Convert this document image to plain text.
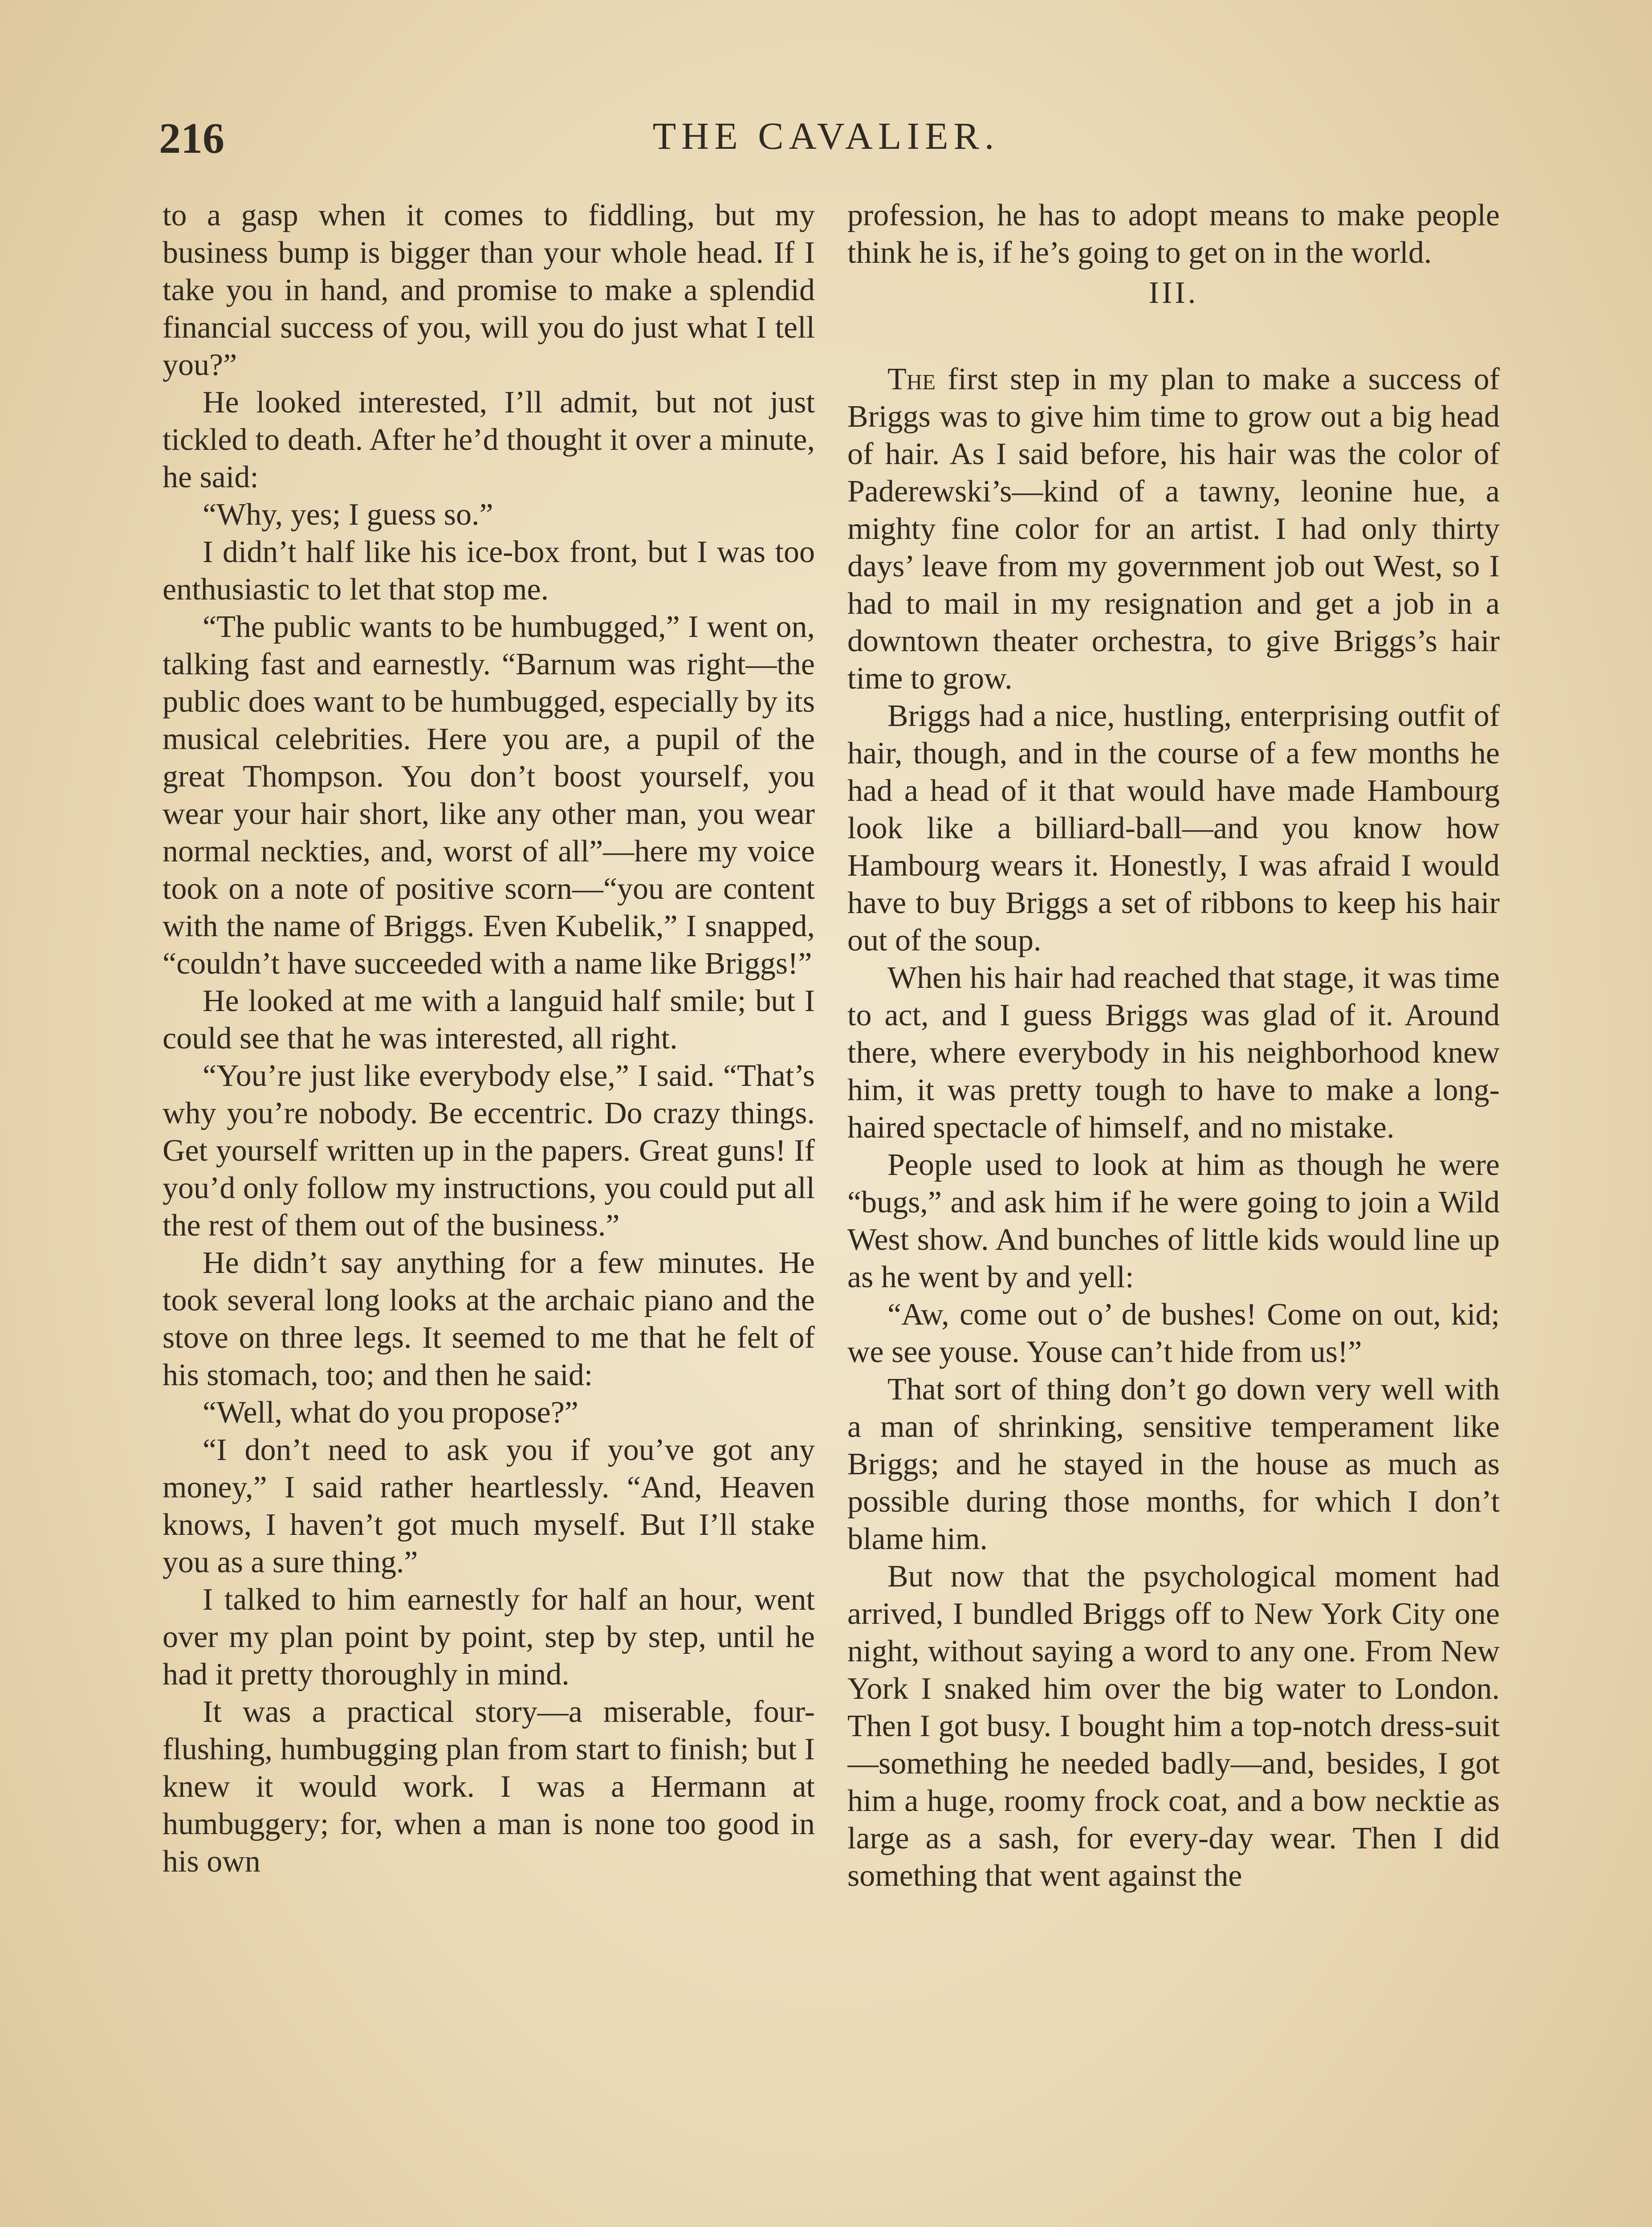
216	THE CAVALIER.

to a gasp when it comes to fiddling, but my business bump is bigger than your whole head. If I take you in hand, and promise to make a splendid financial success of you, will you do just what I tell you?”

He looked interested, I’ll admit, but not just tickled to death. After he’d thought it over a minute, he said:

“Why, yes; I guess so.”

I didn’t half like his ice-box front, but I was too enthusiastic to let that stop me.

“The public wants to be humbugged,” I went on, talking fast and earnestly. “Barnum was right—the public does want to be humbugged, especially by its musical celebrities. Here you are, a pupil of the great Thompson. You don’t boost yourself, you wear your hair short, like any other man, you wear normal neckties, and, worst of all”—here my voice took on a note of positive scorn—“you are content with the name of Briggs. Even Kubelik,” I snapped, “couldn’t have succeeded with a name like Briggs!”

He looked at me with a languid half smile; but I could see that he was interested, all right.

“You’re just like everybody else,” I said. “That’s why you’re nobody. Be eccentric. Do crazy things. Get yourself written up in the papers. Great guns! If you’d only follow my instructions, you could put all the rest of them out of the business.”

He didn’t say anything for a few minutes. He took several long looks at the archaic piano and the stove on three legs. It seemed to me that he felt of his stomach, too; and then he said:

“Well, what do you propose?”

“I don’t need to ask you if you’ve got any money,” I said rather heartlessly. “And, Heaven knows, I haven’t got much myself. But I’ll stake you as a sure thing.”

I talked to him earnestly for half an hour, went over my plan point by point, step by step, until he had it pretty thoroughly in mind.

It was a practical story—a miserable, four-flushing, humbugging plan from start to finish; but I knew it would work. I was a Hermann at humbuggery; for, when a man is none too good in his own

profession, he has to adopt means to make people think he is, if he’s going to get on in the world.

III.

The first step in my plan to make a success of Briggs was to give him time to grow out a big head of hair. As I said before, his hair was the color of Paderewski’s—kind of a tawny, leonine hue, a mighty fine color for an artist. I had only thirty days’ leave from my government job out West, so I had to mail in my resignation and get a job in a downtown theater orchestra, to give Briggs’s hair time to grow.

Briggs had a nice, hustling, enterprising outfit of hair, though, and in the course of a few months he had a head of it that would have made Hambourg look like a billiard-ball—and you know how Hambourg wears it. Honestly, I was afraid I would have to buy Briggs a set of ribbons to keep his hair out of the soup.

When his hair had reached that stage, it was time to act, and I guess Briggs was glad of it. Around there, where everybody in his neighborhood knew him, it was pretty tough to have to make a long-haired spectacle of himself, and no mistake.

People used to look at him as though he were “bugs,” and ask him if he were going to join a Wild West show. And bunches of little kids would line up as he went by and yell:

“Aw, come out o’ de bushes! Come on out, kid; we see youse. Youse can’t hide from us!”

That sort of thing don’t go down very well with a man of shrinking, sensitive temperament like Briggs; and he stayed in the house as much as possible during those months, for which I don’t blame him.

But now that the psychological moment had arrived, I bundled Briggs off to New York City one night, without saying a word to any one. From New York I snaked him over the big water to London. Then I got busy. I bought him a top-notch dress-suit—something he needed badly—and, besides, I got him a huge, roomy frock coat, and a bow necktie as large as a sash, for every-day wear. Then I did something that went against the
